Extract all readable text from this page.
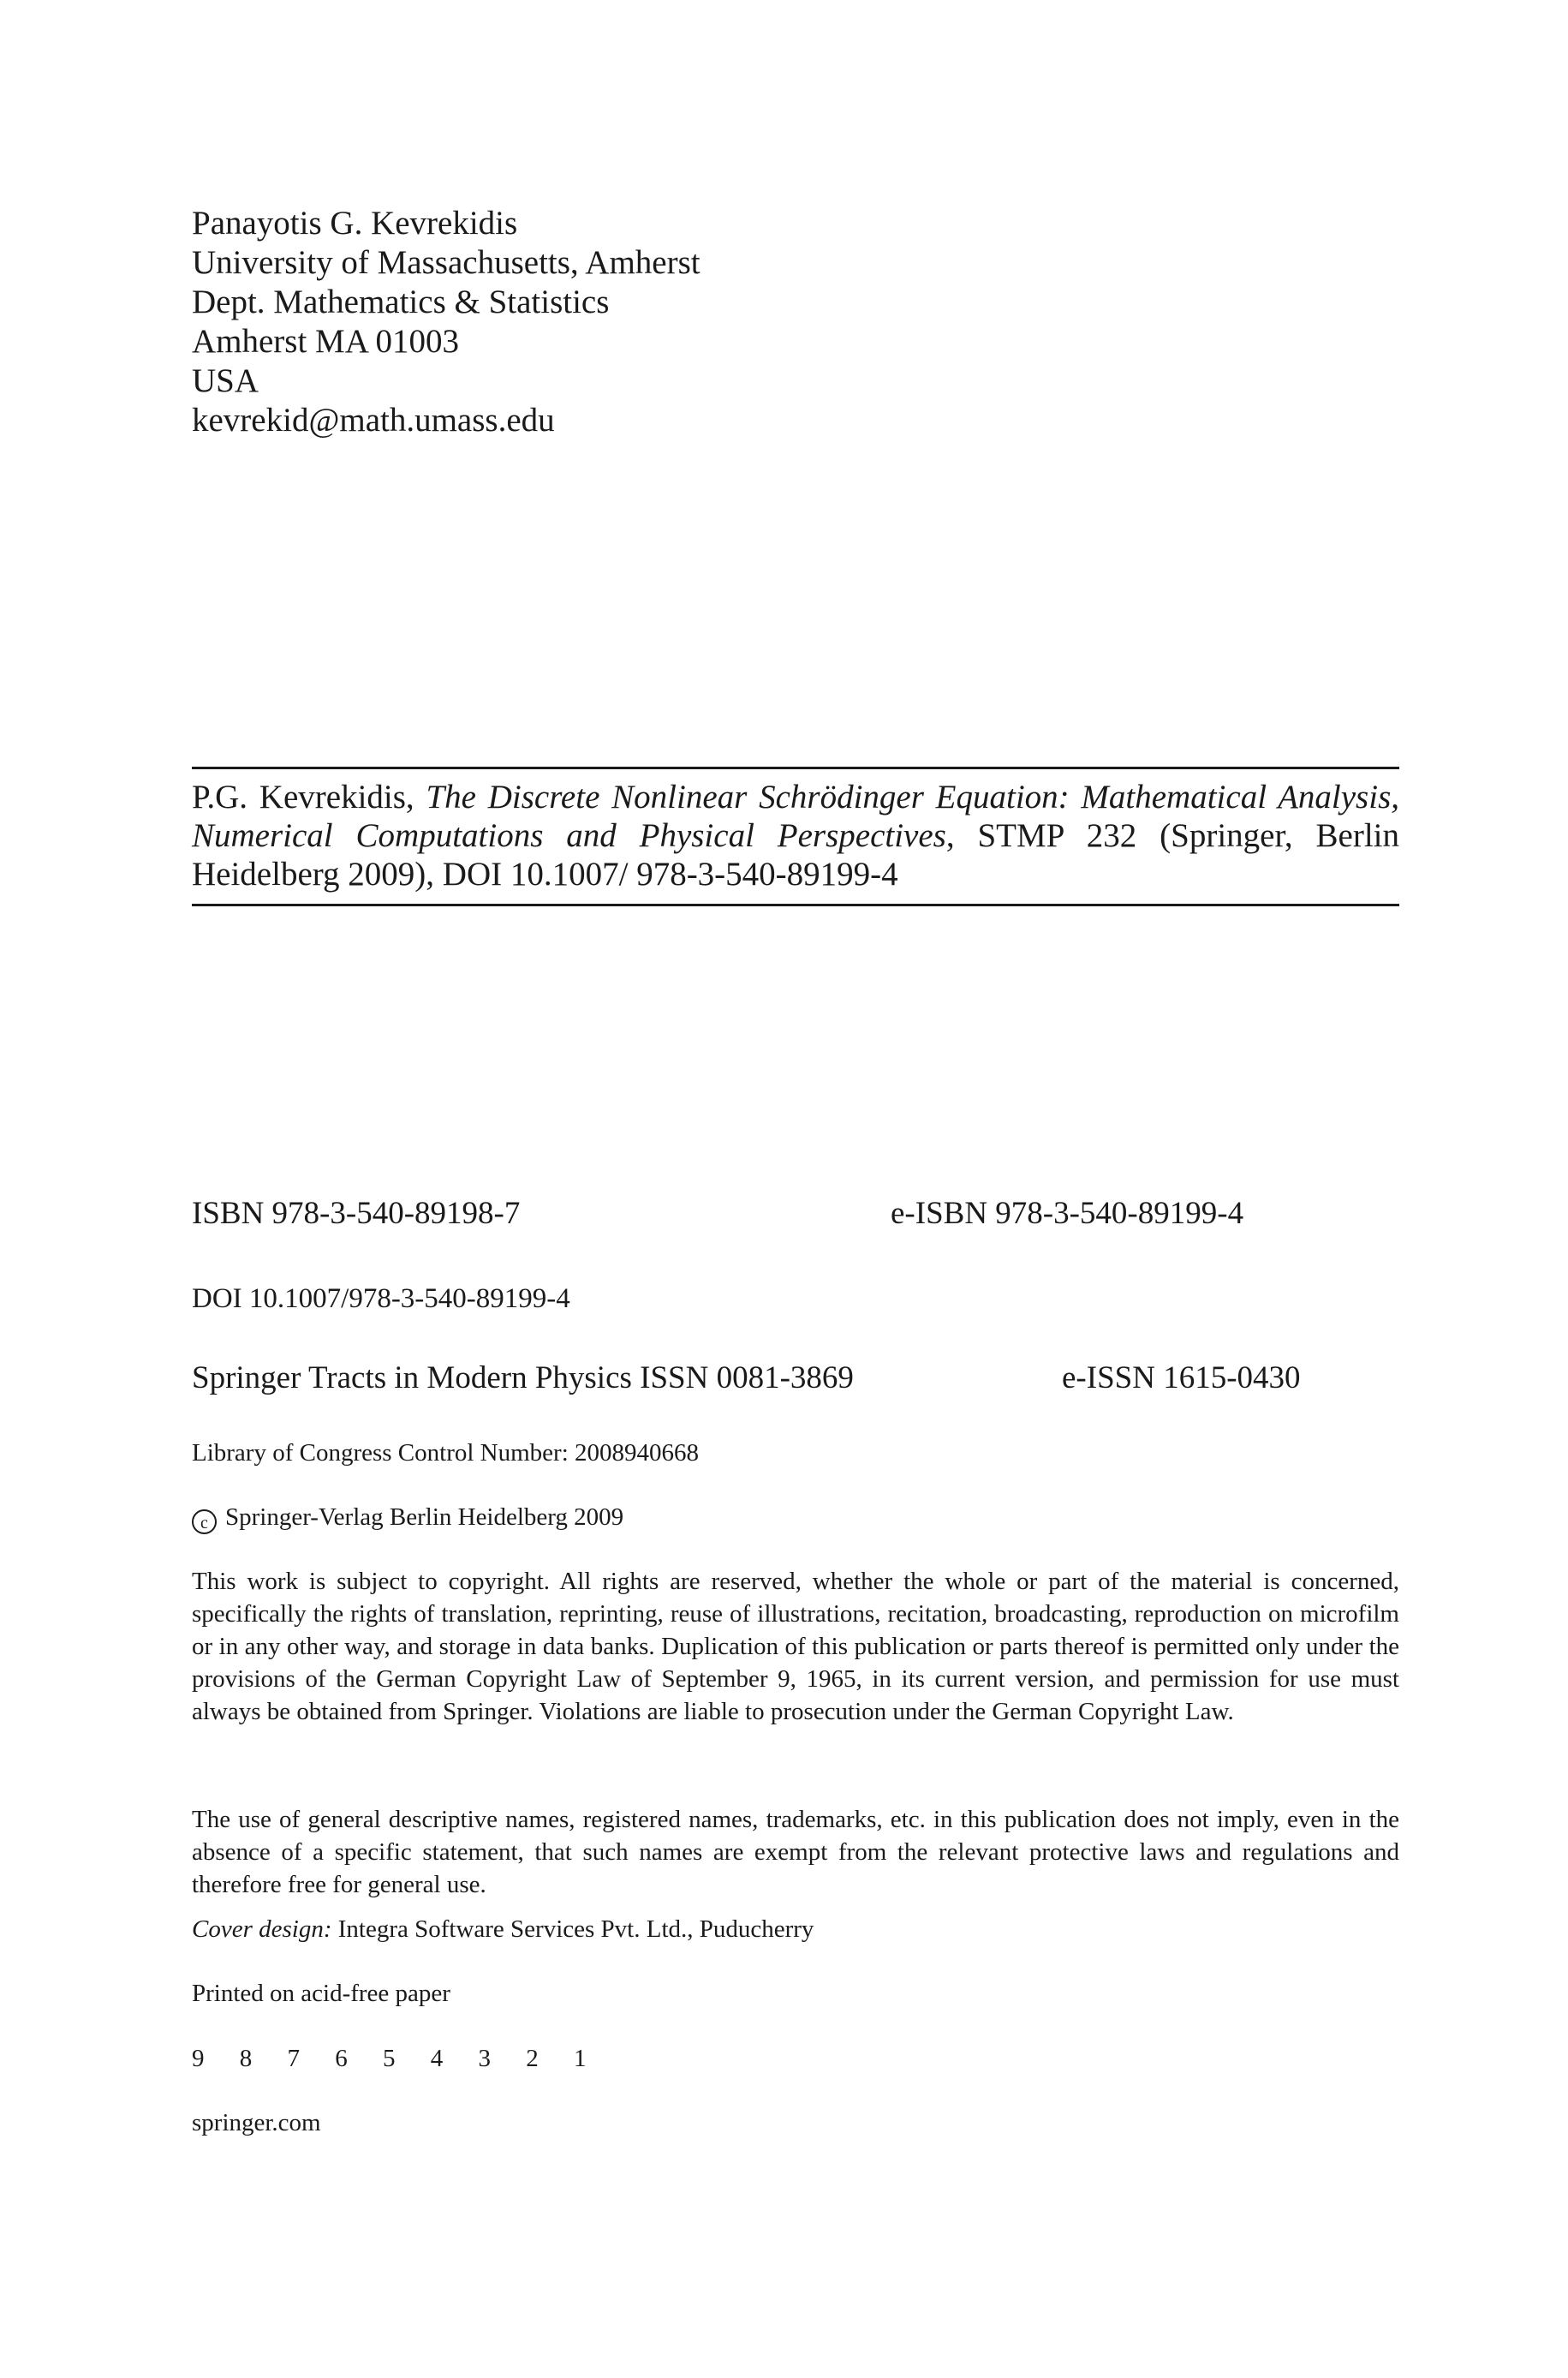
Panayotis G. Kevrekidis
University of Massachusetts, Amherst
Dept. Mathematics & Statistics
Amherst MA 01003
USA
kevrekid@math.umass.edu
P.G. Kevrekidis, The Discrete Nonlinear Schrödinger Equation: Mathematical Analysis, Numerical Computations and Physical Perspectives, STMP 232 (Springer, Berlin Heidelberg 2009), DOI 10.1007/ 978-3-540-89199-4
ISBN 978-3-540-89198-7	e-ISBN 978-3-540-89199-4
DOI 10.1007/978-3-540-89199-4
Springer Tracts in Modern Physics ISSN 0081-3869	e-ISSN 1615-0430
Library of Congress Control Number: 2008940668
c Springer-Verlag Berlin Heidelberg 2009
This work is subject to copyright. All rights are reserved, whether the whole or part of the material is concerned, specifically the rights of translation, reprinting, reuse of illustrations, recitation, broadcasting, reproduction on microfilm or in any other way, and storage in data banks. Duplication of this publication or parts thereof is permitted only under the provisions of the German Copyright Law of September 9, 1965, in its current version, and permission for use must always be obtained from Springer. Violations are liable to prosecution under the German Copyright Law.
The use of general descriptive names, registered names, trademarks, etc. in this publication does not imply, even in the absence of a specific statement, that such names are exempt from the relevant protective laws and regulations and therefore free for general use.
Cover design: Integra Software Services Pvt. Ltd., Puducherry
Printed on acid-free paper
9 8 7 6 5 4 3 2 1
springer.com
